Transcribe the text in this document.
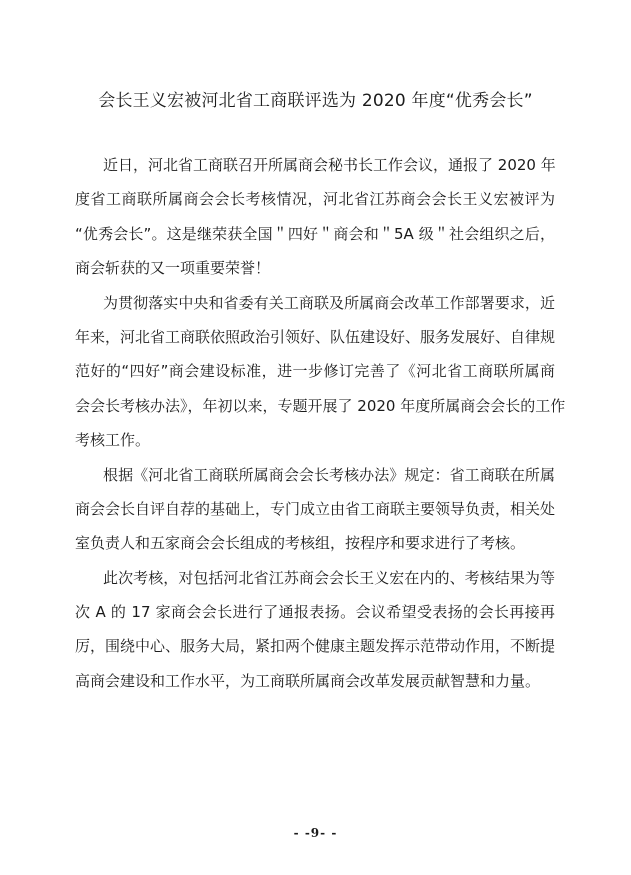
会长王义宏被河北省工商联评选为 2020 年度“优秀会长”
近日，河北省工商联召开所属商会秘书长工作会议，通报了 2020 年
度省工商联所属商会会长考核情况，河北省江苏商会会长王义宏被评为
“优秀会长”。这是继荣获全国＂四好＂商会和＂5A 级＂社会组织之后，
商会斩获的又一项重要荣誉！
为贯彻落实中央和省委有关工商联及所属商会改革工作部署要求，近
年来，河北省工商联依照政治引领好、队伍建设好、服务发展好、自律规
范好的“四好”商会建设标准，进一步修订完善了《河北省工商联所属商
会会长考核办法》，年初以来，专题开展了 2020 年度所属商会会长的工作
考核工作。
根据《河北省工商联所属商会会长考核办法》规定：省工商联在所属
商会会长自评自荐的基础上，专门成立由省工商联主要领导负责，相关处
室负责人和五家商会会长组成的考核组，按程序和要求进行了考核。
此次考核，对包括河北省江苏商会会长王义宏在内的、考核结果为等
次 A 的 17 家商会会长进行了通报表扬。会议希望受表扬的会长再接再
厉，围绕中心、服务大局，紧扣两个健康主题发挥示范带动作用，不断提
高商会建设和工作水平，为工商联所属商会改革发展贡献智慧和力量。
- -9- -
